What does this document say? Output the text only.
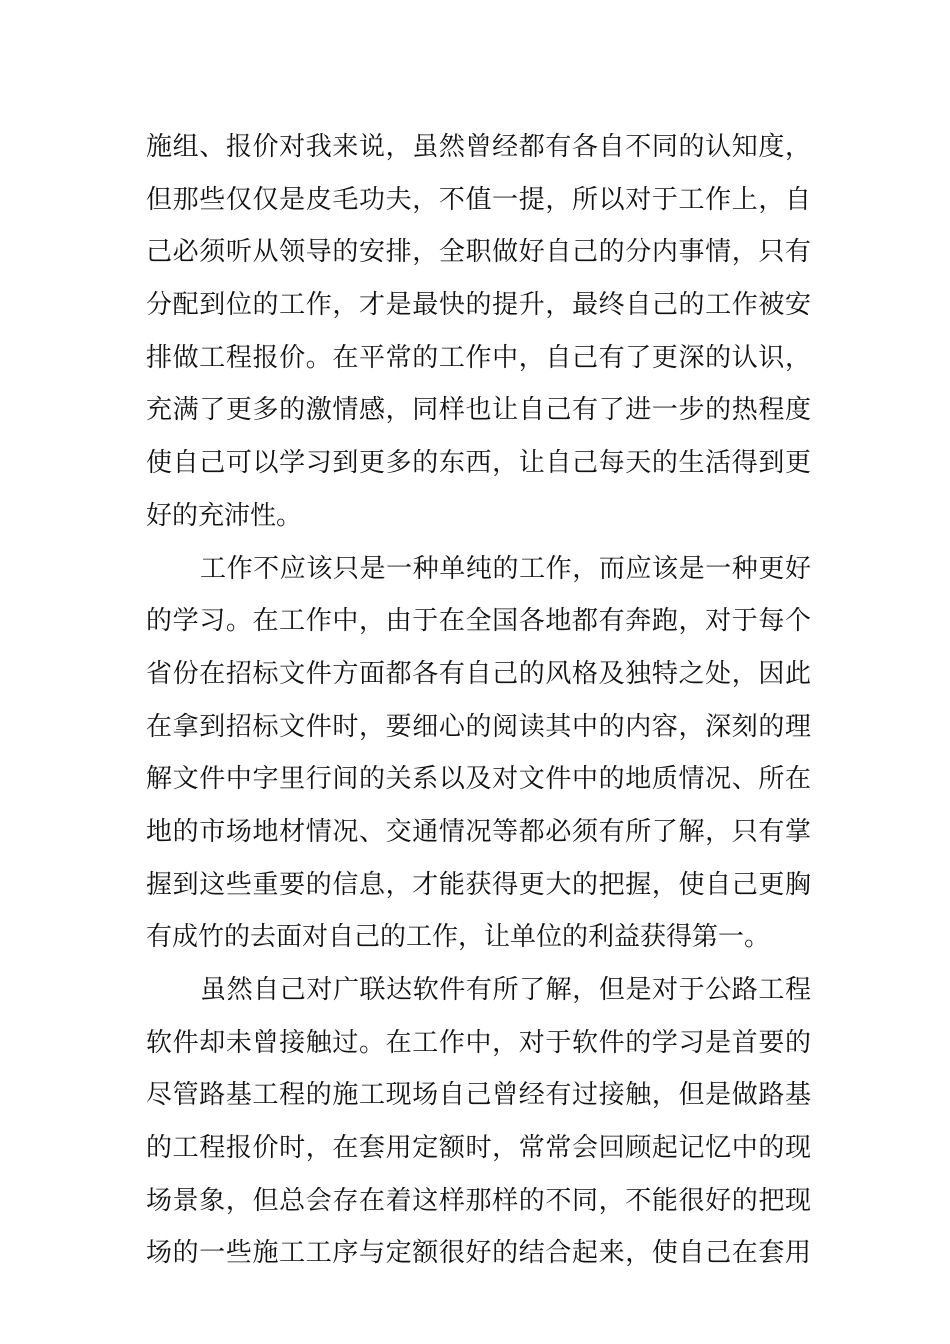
施组、报价对我来说，虽然曾经都有各自不同的认知度，
但那些仅仅是皮毛功夫，不值一提，所以对于工作上，自
己必须听从领导的安排，全职做好自己的分内事情，只有
分配到位的工作，才是最快的提升，最终自己的工作被安
排做工程报价。在平常的工作中，自己有了更深的认识，
充满了更多的激情感，同样也让自己有了进一步的热程度
使自己可以学习到更多的东西，让自己每天的生活得到更
好的充沛性。
工作不应该只是一种单纯的工作，而应该是一种更好
的学习。在工作中，由于在全国各地都有奔跑，对于每个
省份在招标文件方面都各有自己的风格及独特之处，因此
在拿到招标文件时，要细心的阅读其中的内容，深刻的理
解文件中字里行间的关系以及对文件中的地质情况、所在
地的市场地材情况、交通情况等都必须有所了解，只有掌
握到这些重要的信息，才能获得更大的把握，使自己更胸
有成竹的去面对自己的工作，让单位的利益获得第一。
虽然自己对广联达软件有所了解，但是对于公路工程
软件却未曾接触过。在工作中，对于软件的学习是首要的
尽管路基工程的施工现场自己曾经有过接触，但是做路基
的工程报价时，在套用定额时，常常会回顾起记忆中的现
场景象，但总会存在着这样那样的不同，不能很好的把现
场的一些施工工序与定额很好的结合起来，使自己在套用
